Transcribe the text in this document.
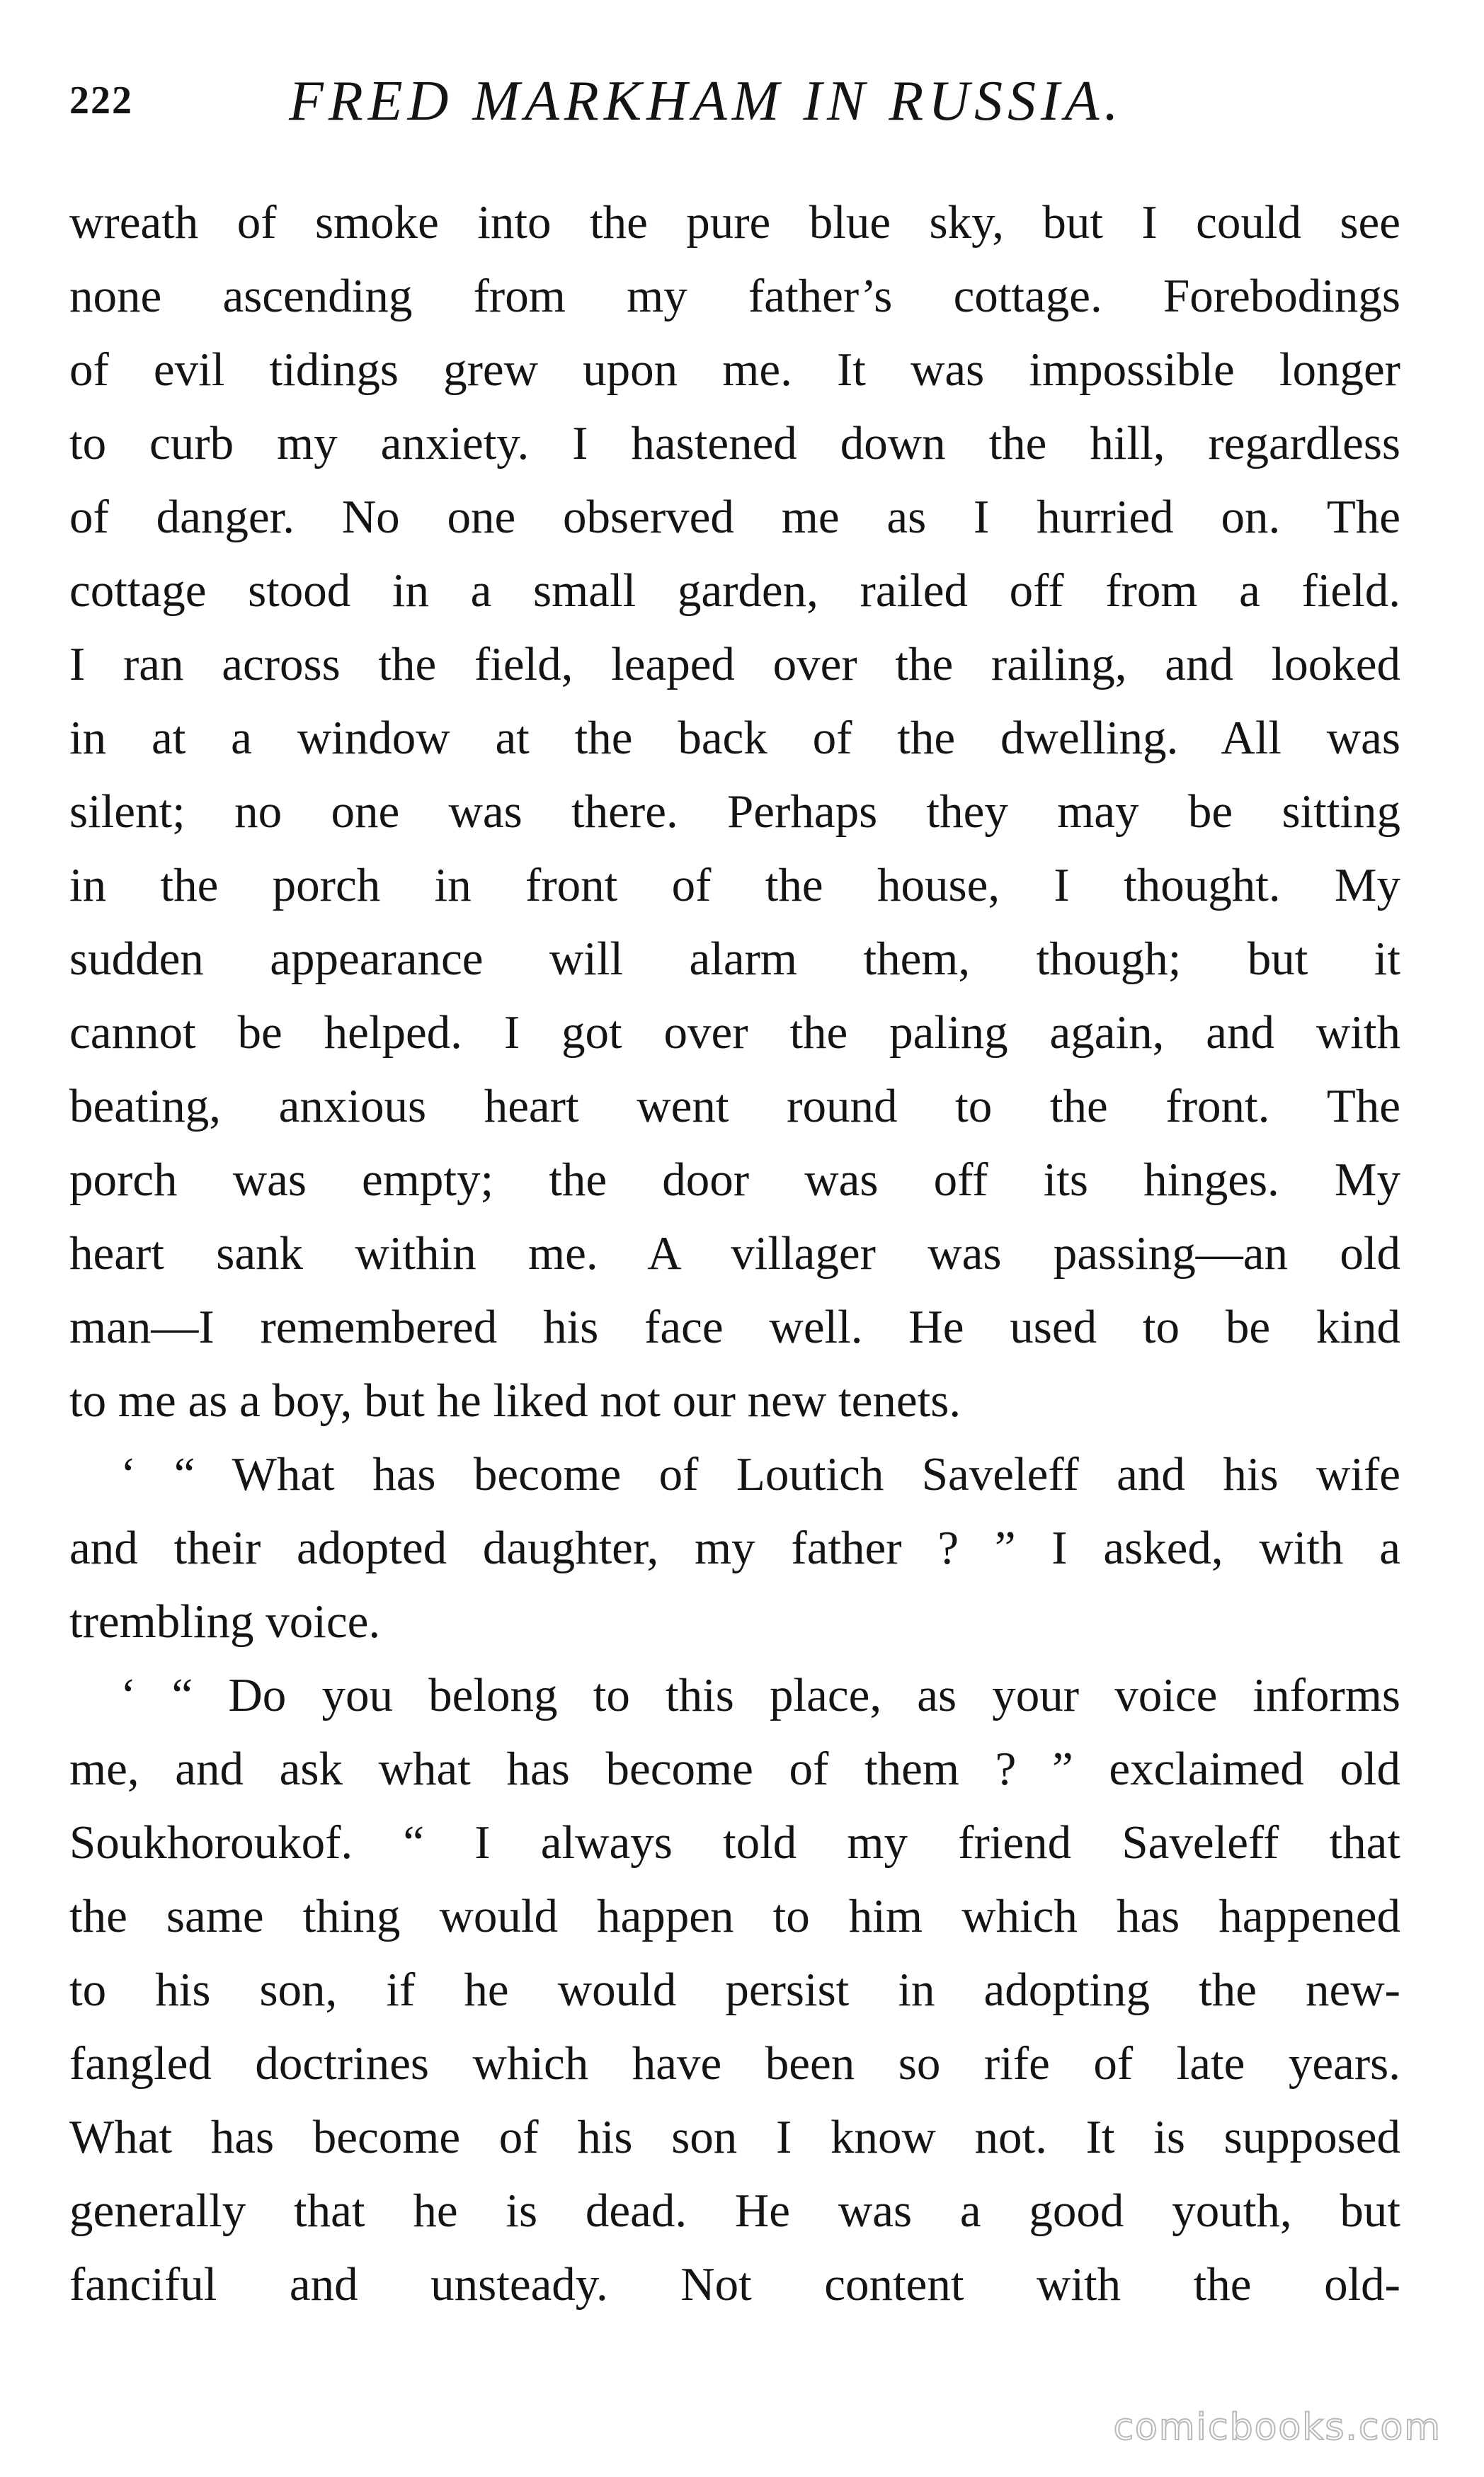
222	FRED MARKHAM IN RUSSIA.
wreath of smoke into the pure blue sky, but I could see
none ascending from my father’s cottage. Forebodings
of evil tidings grew upon me. It was impossible longer
to curb my anxiety. I hastened down the hill, regardless
of danger. No one observed me as I hurried on. The
cottage stood in a small garden, railed off from a field.
I ran across the field, leaped over the railing, and looked
in at a window at the back of the dwelling. All was
silent; no one was there. Perhaps they may be sitting
in the porch in front of the house, I thought. My
sudden appearance will alarm them, though; but it
cannot be helped. I got over the paling again, and with
beating, anxious heart went round to the front. The
porch was empty; the door was off its hinges. My
heart sank within me. A villager was passing—an old
man—I remembered his face well. He used to be kind
to me as a boy, but he liked not our new tenets.
‘ “ What has become of Loutich Saveleff and his wife
and their adopted daughter, my father ? ” I asked, with a
trembling voice.
‘ “ Do you belong to this place, as your voice informs
me, and ask what has become of them ? ” exclaimed old
Soukhoroukof. “ I always told my friend Saveleff that
the same thing would happen to him which has happened
to his son, if he would persist in adopting the new-
fangled doctrines which have been so rife of late years.
What has become of his son I know not. It is supposed
generally that he is dead. He was a good youth, but
fanciful and unsteady. Not content with the old-
comicbooks.com
